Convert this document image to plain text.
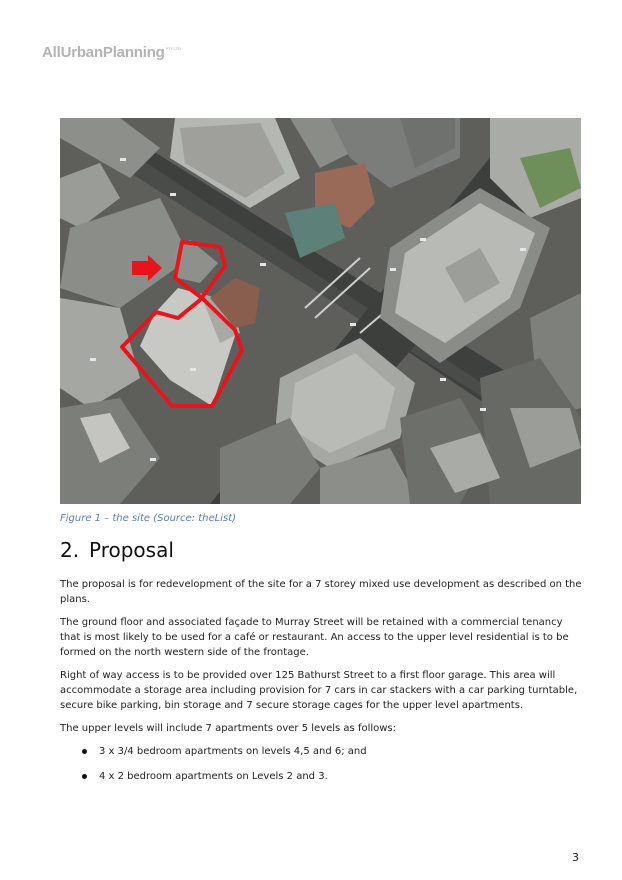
AllUrbanPlanning$^{PTY LTD}$
Figure 1 – the site (Source: theList)
2. Proposal

The proposal is for redevelopment of the site for a 7 storey mixed use development as described on the plans.

The ground floor and associated façade to Murray Street will be retained with a commercial tenancy that is most likely to be used for a café or restaurant. An access to the upper level residential is to be formed on the north western side of the frontage.

Right of way access is to be provided over 125 Bathurst Street to a first floor garage. This area will accommodate a storage area including provision for 7 cars in car stackers with a car parking turntable, secure bike parking, bin storage and 7 secure storage cages for the upper level apartments.

The upper levels will include 7 apartments over 5 levels as follows:

3 x 3/4 bedroom apartments on levels 4,5 and 6; and
4 x 2 bedroom apartments on Levels 2 and 3.
3
